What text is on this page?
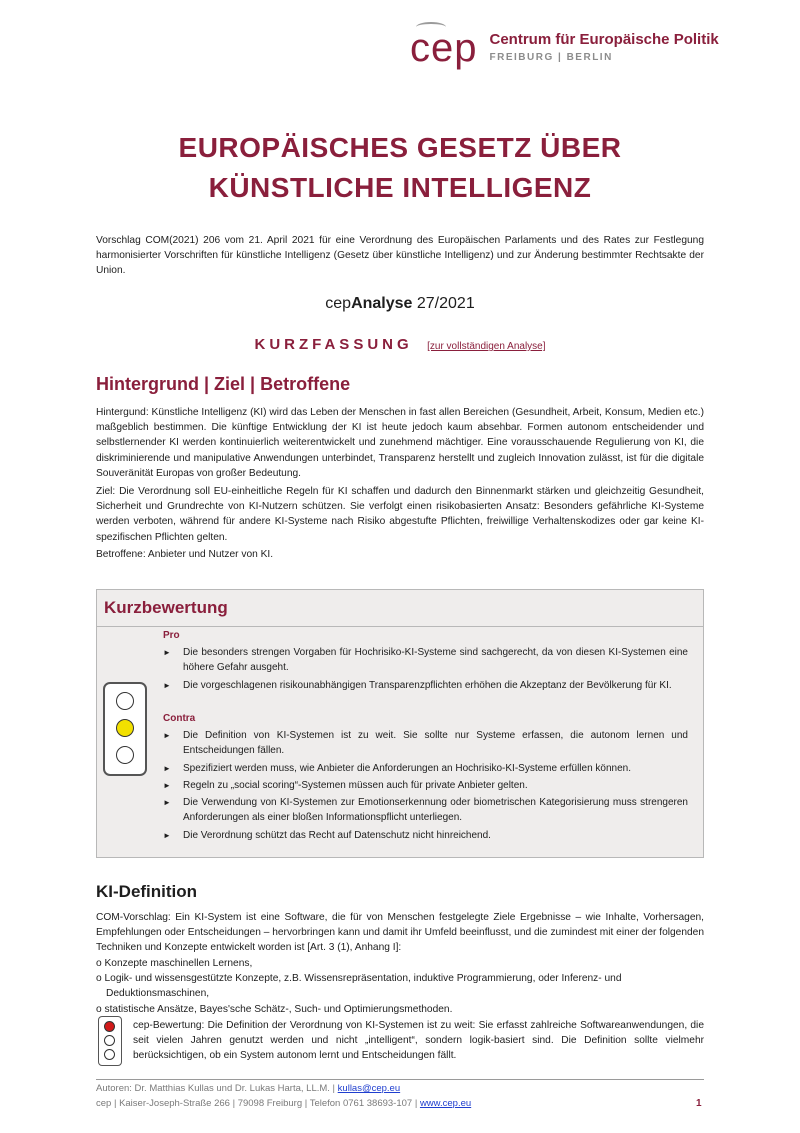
cep Centrum für Europäische Politik
FREIBURG | BERLIN
EUROPÄISCHES GESETZ ÜBER
KÜNSTLICHE INTELLIGENZ
Vorschlag COM(2021) 206 vom 21. April 2021 für eine Verordnung des Europäischen Parlaments und des Rates zur Festlegung harmonisierter Vorschriften für künstliche Intelligenz (Gesetz über künstliche Intelligenz) und zur Änderung bestimmter Rechtsakte der Union.
cepAnalyse 27/2021
KURZFASSUNG [zur vollständigen Analyse]
Hintergrund | Ziel | Betroffene
Hintergund: Künstliche Intelligenz (KI) wird das Leben der Menschen in fast allen Bereichen (Gesundheit, Arbeit, Konsum, Medien etc.) maßgeblich bestimmen. Die künftige Entwicklung der KI ist heute jedoch kaum absehbar. Formen autonom entscheidender und selbstlernender KI werden kontinuierlich weiterentwickelt und zunehmend mächtiger. Eine vorausschauende Regulierung von KI, die diskriminierende und manipulative Anwendungen unterbindet, Transparenz herstellt und zugleich Innovation zulässt, ist für die digitale Souveränität Europas von großer Bedeutung.
Ziel: Die Verordnung soll EU-einheitliche Regeln für KI schaffen und dadurch den Binnenmarkt stärken und gleichzeitig Gesundheit, Sicherheit und Grundrechte von KI-Nutzern schützen. Sie verfolgt einen risikobasierten Ansatz: Besonders gefährliche KI-Systeme werden verboten, während für andere KI-Systeme nach Risiko abgestufte Pflichten, freiwillige Verhaltenskodizes oder gar keine KI-spezifischen Pflichten gelten.
Betroffene: Anbieter und Nutzer von KI.
Kurzbewertung
Pro
► Die besonders strengen Vorgaben für Hochrisiko-KI-Systeme sind sachgerecht, da von diesen KI-Systemen eine höhere Gefahr ausgeht.
► Die vorgeschlagenen risikounabhängigen Transparenzpflichten erhöhen die Akzeptanz der Bevölkerung für KI.
Contra
► Die Definition von KI-Systemen ist zu weit. Sie sollte nur Systeme erfassen, die autonom lernen und Entscheidungen fällen.
► Spezifiziert werden muss, wie Anbieter die Anforderungen an Hochrisiko-KI-Systeme erfüllen können.
► Regeln zu „social scoring“-Systemen müssen auch für private Anbieter gelten.
► Die Verwendung von KI-Systemen zur Emotionserkennung oder biometrischen Kategorisierung muss strengeren Anforderungen als einer bloßen Informationspflicht unterliegen.
► Die Verordnung schützt das Recht auf Datenschutz nicht hinreichend.
KI-Definition
COM-Vorschlag: Ein KI-System ist eine Software, die für von Menschen festgelegte Ziele Ergebnisse – wie Inhalte, Vorhersagen, Empfehlungen oder Entscheidungen – hervorbringen kann und damit ihr Umfeld beeinflusst, und die zumindest mit einer der folgenden Techniken und Konzepte entwickelt worden ist [Art. 3 (1), Anhang I]:
o Konzepte maschinellen Lernens,
o Logik- und wissensgestützte Konzepte, z.B. Wissensrepräsentation, induktive Programmierung, oder Inferenz- und Deduktionsmaschinen,
o statistische Ansätze, Bayes'sche Schätz-, Such- und Optimierungsmethoden.
cep-Bewertung: Die Definition der Verordnung von KI-Systemen ist zu weit: Sie erfasst zahlreiche Softwareanwendungen, die seit vielen Jahren genutzt werden und nicht „intelligent“, sondern logik-basiert sind. Die Definition sollte vielmehr berücksichtigen, ob ein System autonom lernt und Entscheidungen fällt.
Autoren: Dr. Matthias Kullas und Dr. Lukas Harta, LL.M. | kullas@cep.eu
cep | Kaiser-Joseph-Straße 266 | 79098 Freiburg | Telefon 0761 38693-107 | www.cep.eu	1
